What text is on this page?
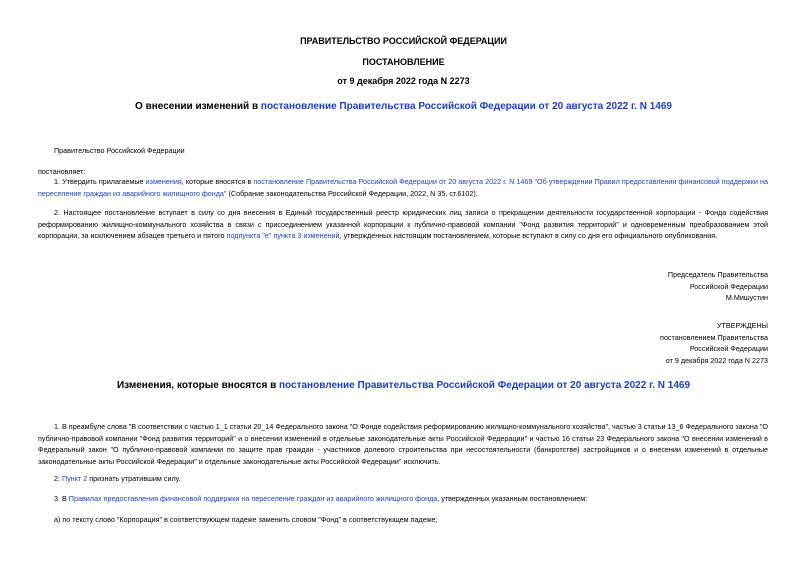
ПРАВИТЕЛЬСТВО РОССИЙСКОЙ ФЕДЕРАЦИИ
ПОСТАНОВЛЕНИЕ
от 9 декабря 2022 года N 2273
О внесении изменений в постановление Правительства Российской Федерации от 20 августа 2022 г. N 1469
Правительство Российской Федерации
постановляет:
1. Утвердить прилагаемые изменения, которые вносятся в постановление Правительства Российской Федерации от 20 августа 2022 г. N 1469 "Об утверждении Правил предоставления финансовой поддержки на переселение граждан из аварийного жилищного фонда" (Собрание законодательства Российской Федерации, 2022, N 35, ст.6102).
2. Настоящее постановление вступает в силу со дня внесения в Единый государственный реестр юридических лиц записи о прекращении деятельности государственной корпорации - Фонда содействия реформированию жилищно-коммунального хозяйства в связи с присоединением указанной корпорации к публично-правовой компании "Фонд развития территорий" и одновременным преобразованием этой корпорации, за исключением абзацев третьего и пятого подпункта "е" пункта 3 изменений, утвержденных настоящим постановлением, которые вступают в силу со дня его официального опубликования.
Председатель Правительства
Российской Федерации
М.Мишустин
УТВЕРЖДЕНЫ
постановлением Правительства
Российской Федерации
от 9 декабря 2022 года N 2273
Изменения, которые вносятся в постановление Правительства Российской Федерации от 20 августа 2022 г. N 1469
1. В преамбуле слова "В соответствии с частью 1_1 статьи 20_14 Федерального закона "О Фонде содействия реформированию жилищно-коммунального хозяйства", частью 3 статьи 13_6 Федерального закона "О публично-правовой компании "Фонд развития территорий" и о внесении изменений в отдельные законодательные акты Российской Федерации" и частью 16 статьи 23 Федерального закона "О внесении изменений в Федеральный закон "О публично-правовой компании по защите прав граждан - участников долевого строительства при несостоятельности (банкротстве) застройщиков и о внесении изменений в отдельные законодательные акты Российской Федерации" и отдельные законодательные акты Российской Федерации" исключить.
2. Пункт 2 признать утратившим силу.
3. В Правилах предоставления финансовой поддержки на переселение граждан из аварийного жилищного фонда, утвержденных указанным постановлением:
а) по тексту слово "Корпорация" в соответствующем падеже заменить словом "Фонд" в соответствующем падеже;
